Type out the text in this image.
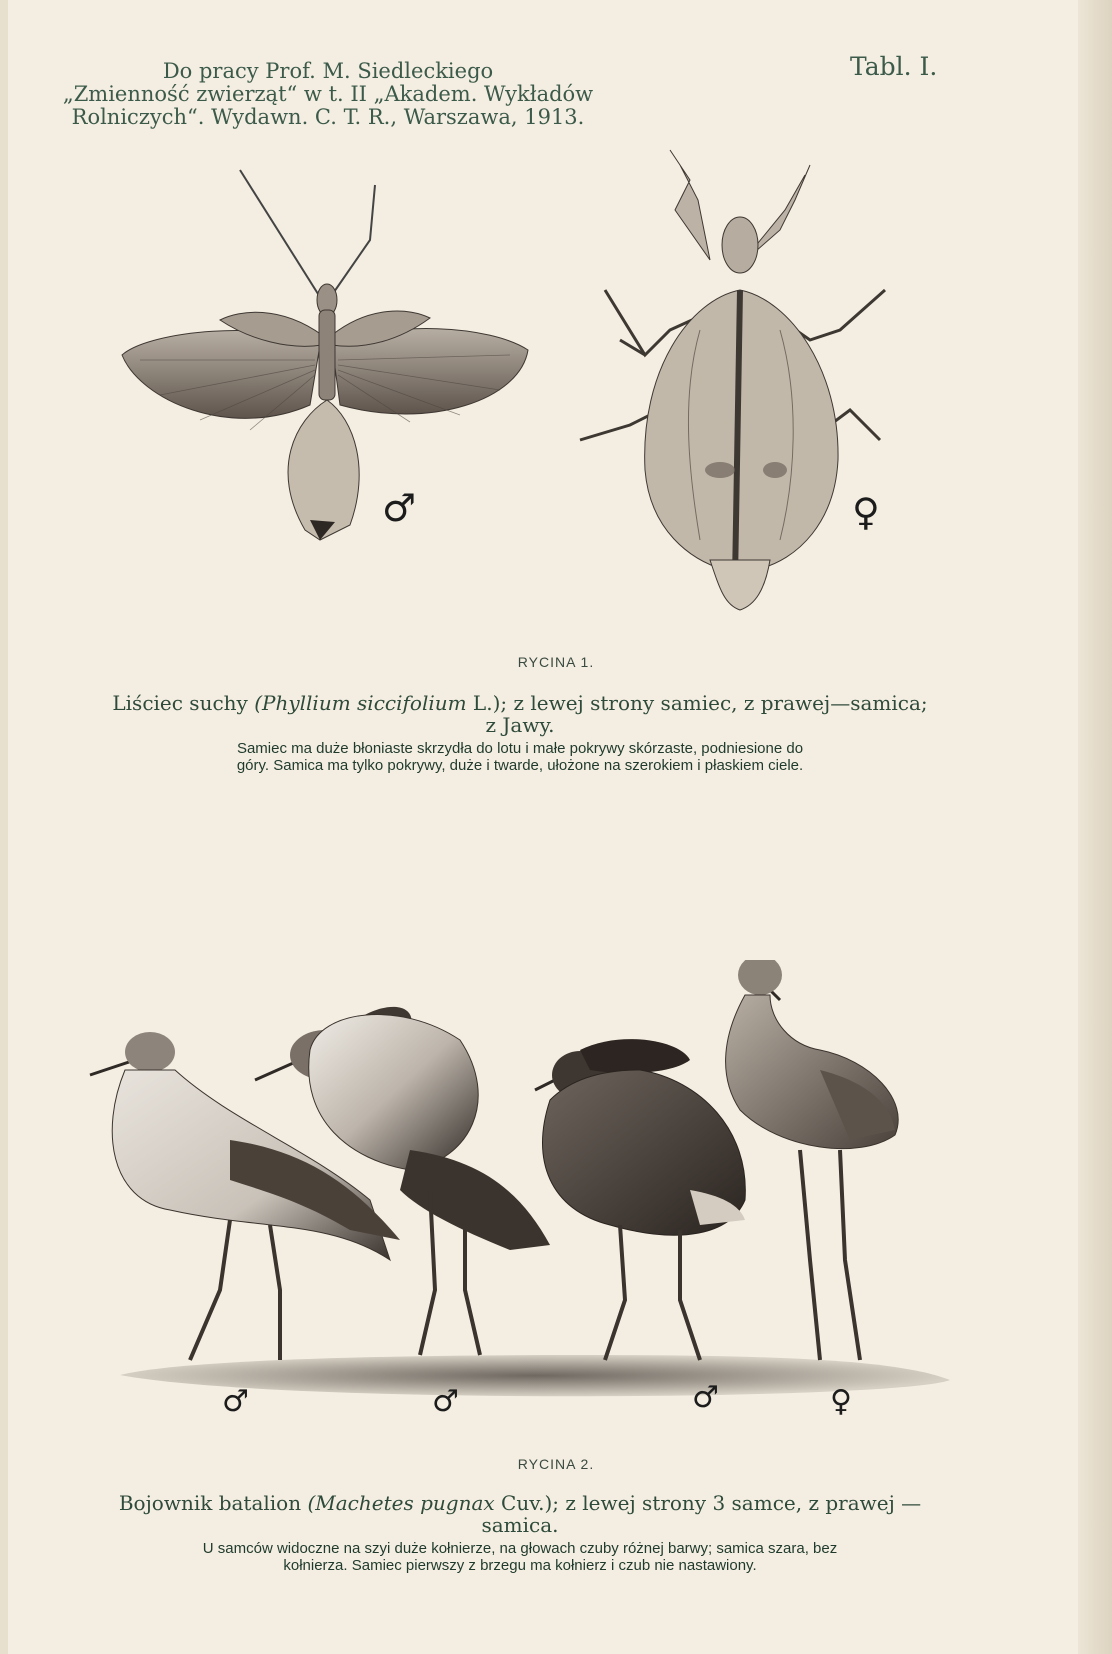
Do pracy Prof. M. Siedleckiego
„Zmienność zwierząt“ w t. II „Akadem. Wykładów
Rolniczych“. Wydawn. C. T. R., Warszawa, 1913.
Tabl. I.
♂	♀
RYCINA 1.
Liściec suchy (Phyllium siccifolium L.); z lewej strony samiec, z prawej—samica;
z Jawy.
Samiec ma duże błoniaste skrzydła do lotu i małe pokrywy skórzaste, podniesione do
góry. Samica ma tylko pokrywy, duże i twarde, ułożone na szerokiem i płaskiem ciele.
♂	♂	♂	♀
RYCINA 2.
Bojownik batalion (Machetes pugnax Cuv.); z lewej strony 3 samce, z prawej —
samica.
U samców widoczne na szyi duże kołnierze, na głowach czuby różnej barwy; samica szara, bez
kołnierza. Samiec pierwszy z brzegu ma kołnierz i czub nie nastawiony.
